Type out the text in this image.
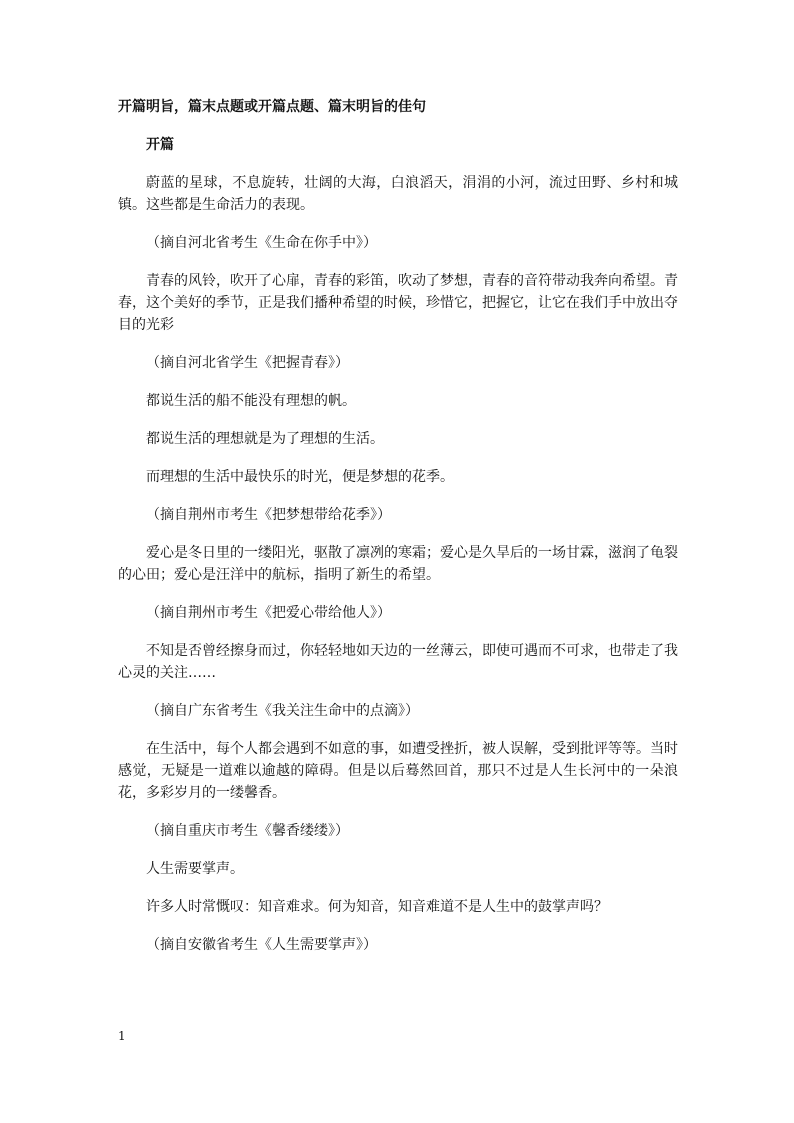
开篇明旨，篇末点题或开篇点题、篇末明旨的佳句

开篇

蔚蓝的星球，不息旋转，壮阔的大海，白浪滔天，涓涓的小河，流过田野、乡村和城镇。这些都是生命活力的表现。

（摘自河北省考生《生命在你手中》）

青春的风铃，吹开了心扉，青春的彩笛，吹动了梦想，青春的音符带动我奔向希望。青春，这个美好的季节，正是我们播种希望的时候，珍惜它，把握它，让它在我们手中放出夺目的光彩

（摘自河北省学生《把握青春》）

都说生活的船不能没有理想的帆。

都说生活的理想就是为了理想的生活。

而理想的生活中最快乐的时光，便是梦想的花季。

（摘自荆州市考生《把梦想带给花季》）

爱心是冬日里的一缕阳光，驱散了凛冽的寒霜；爱心是久旱后的一场甘霖，滋润了龟裂的心田；爱心是汪洋中的航标，指明了新生的希望。

（摘自荆州市考生《把爱心带给他人》）

不知是否曾经擦身而过，你轻轻地如天边的一丝薄云，即使可遇而不可求，也带走了我心灵的关注……

（摘自广东省考生《我关注生命中的点滴》）

在生活中，每个人都会遇到不如意的事，如遭受挫折，被人误解，受到批评等等。当时感觉，无疑是一道难以逾越的障碍。但是以后蓦然回首，那只不过是人生长河中的一朵浪花，多彩岁月的一缕馨香。

（摘自重庆市考生《馨香缕缕》）

人生需要掌声。

许多人时常慨叹：知音难求。何为知音，知音难道不是人生中的鼓掌声吗？

（摘自安徽省考生《人生需要掌声》）

1
